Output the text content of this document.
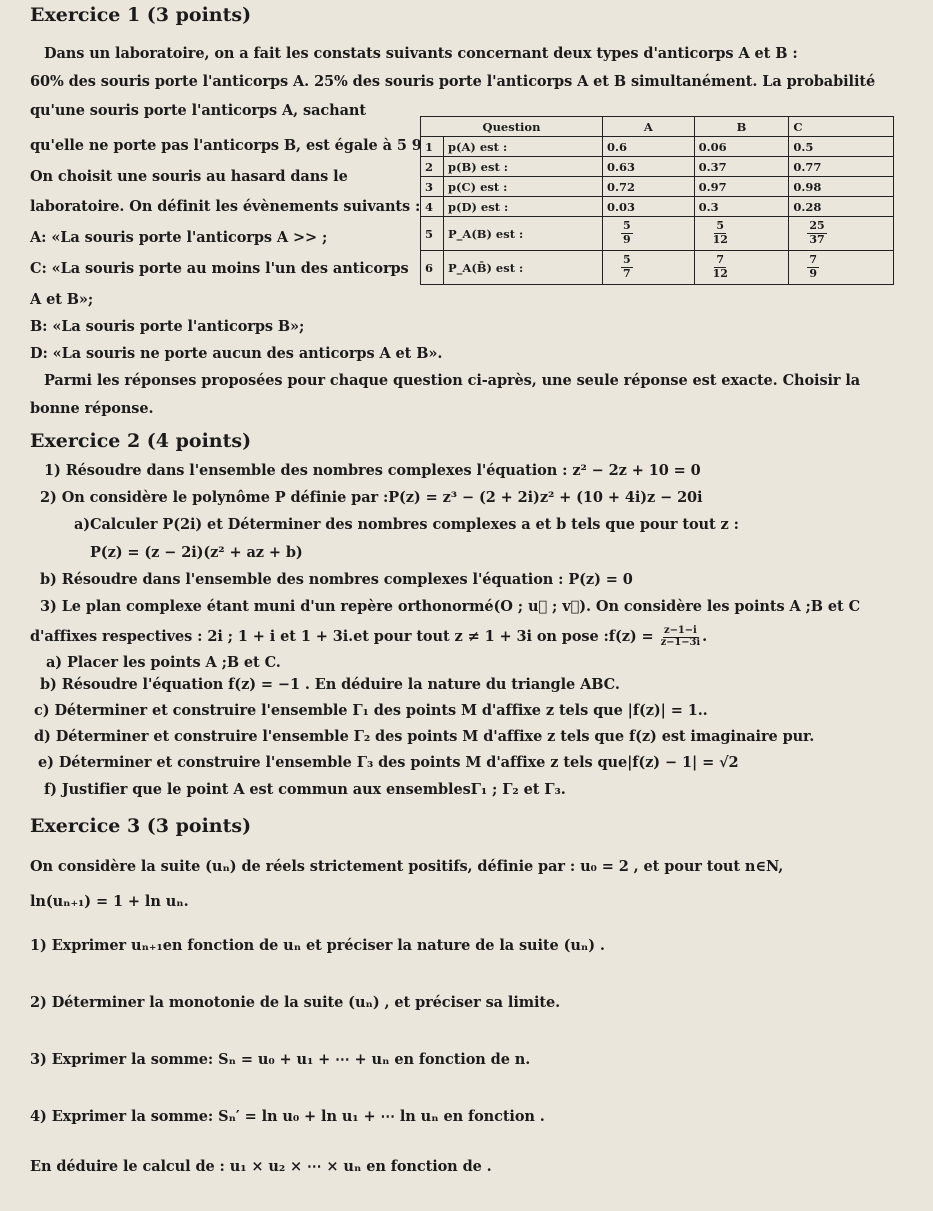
Exercice 1 (3 points)
Dans un laboratoire, on a fait les constats suivants concernant deux types d'anticorps A et B :
60% des souris porte l'anticorps A. 25% des souris porte l'anticorps A et B simultanément. La probabilité
qu'une souris porte l'anticorps A, sachant
qu'elle ne porte pas l'anticorps B, est égale à 5 9
On choisit une souris au hasard dans le
laboratoire. On définit les évènements suivants :
A: «La souris porte l'anticorps A >> ;
C: «La souris porte au moins l'un des anticorps
A et B»;
B: «La souris porte l'anticorps B»;
D: «La souris ne porte aucun des anticorps A et B».
Parmi les réponses proposées pour chaque question ci-après, une seule réponse est exacte. Choisir la
bonne réponse.
Question		A	B	C
1	p(A) est :	0.6	0.06	0.5
2	p(B) est :	0.63	0.37	0.77
3	p(C) est :	0.72	0.97	0.98
4	p(D) est :	0.03	0.3	0.28
5	P_A(B) est :	$\frac{5}{9}$	$\frac{5}{12}$	$\frac{25}{37}$

6	P_A(B̄) est :	$\frac{5}{7}$	$\frac{7}{12}$	$\frac{7}{9}$
Exercice 2 (4 points)
1) Résoudre dans l'ensemble des nombres complexes l'équation : z² − 2z + 10 = 0
2) On considère le polynôme P définie par :P(z) = z³ − (2 + 2i)z² + (10 + 4i)z − 20i
a)Calculer P(2i) et Déterminer des nombres complexes a et b tels que pour tout z :
P(z) = (z − 2i)(z² + az + b)
b) Résoudre dans l'ensemble des nombres complexes l'équation : P(z) = 0
3) Le plan complexe étant muni d'un repère orthonormé(O ; u⃗ ; v⃗). On considère les points A ;B et C
d'affixes respectives : 2i ; 1 + i et 1 + 3i.et pour tout z ≠ 1 + 3i on pose :f(z) = $\frac{z-1-i}{z-1-3i}$ .
a) Placer les points A ;B et C.
b) Résoudre l'équation f(z) = −1 . En déduire la nature du triangle ABC.
c) Déterminer et construire l'ensemble Γ₁ des points M d'affixe z tels que |f(z)| = 1..
d) Déterminer et construire l'ensemble Γ₂ des points M d'affixe z tels que f(z) est imaginaire pur.
e) Déterminer et construire l'ensemble Γ₃ des points M d'affixe z tels que|f(z) − 1| = √2
f) Justifier que le point A est commun aux ensemblesΓ₁ ; Γ₂ et Γ₃.
Exercice 3 (3 points)
On considère la suite (uₙ) de réels strictement positifs, définie par : u₀ = 2 , et pour tout n∈N,
ln(uₙ₊₁) = 1 + ln uₙ.
1) Exprimer uₙ₊₁en fonction de uₙ et préciser la nature de la suite (uₙ) .
2) Déterminer la monotonie de la suite (uₙ) , et préciser sa limite.
3) Exprimer la somme: Sₙ = u₀ + u₁ + ⋯ + uₙ en fonction de n.
4) Exprimer la somme: Sₙ′ = ln u₀ + ln u₁ + ⋯ ln uₙ en fonction .
En déduire le calcul de : u₁ × u₂ × ⋯ × uₙ en fonction de .
